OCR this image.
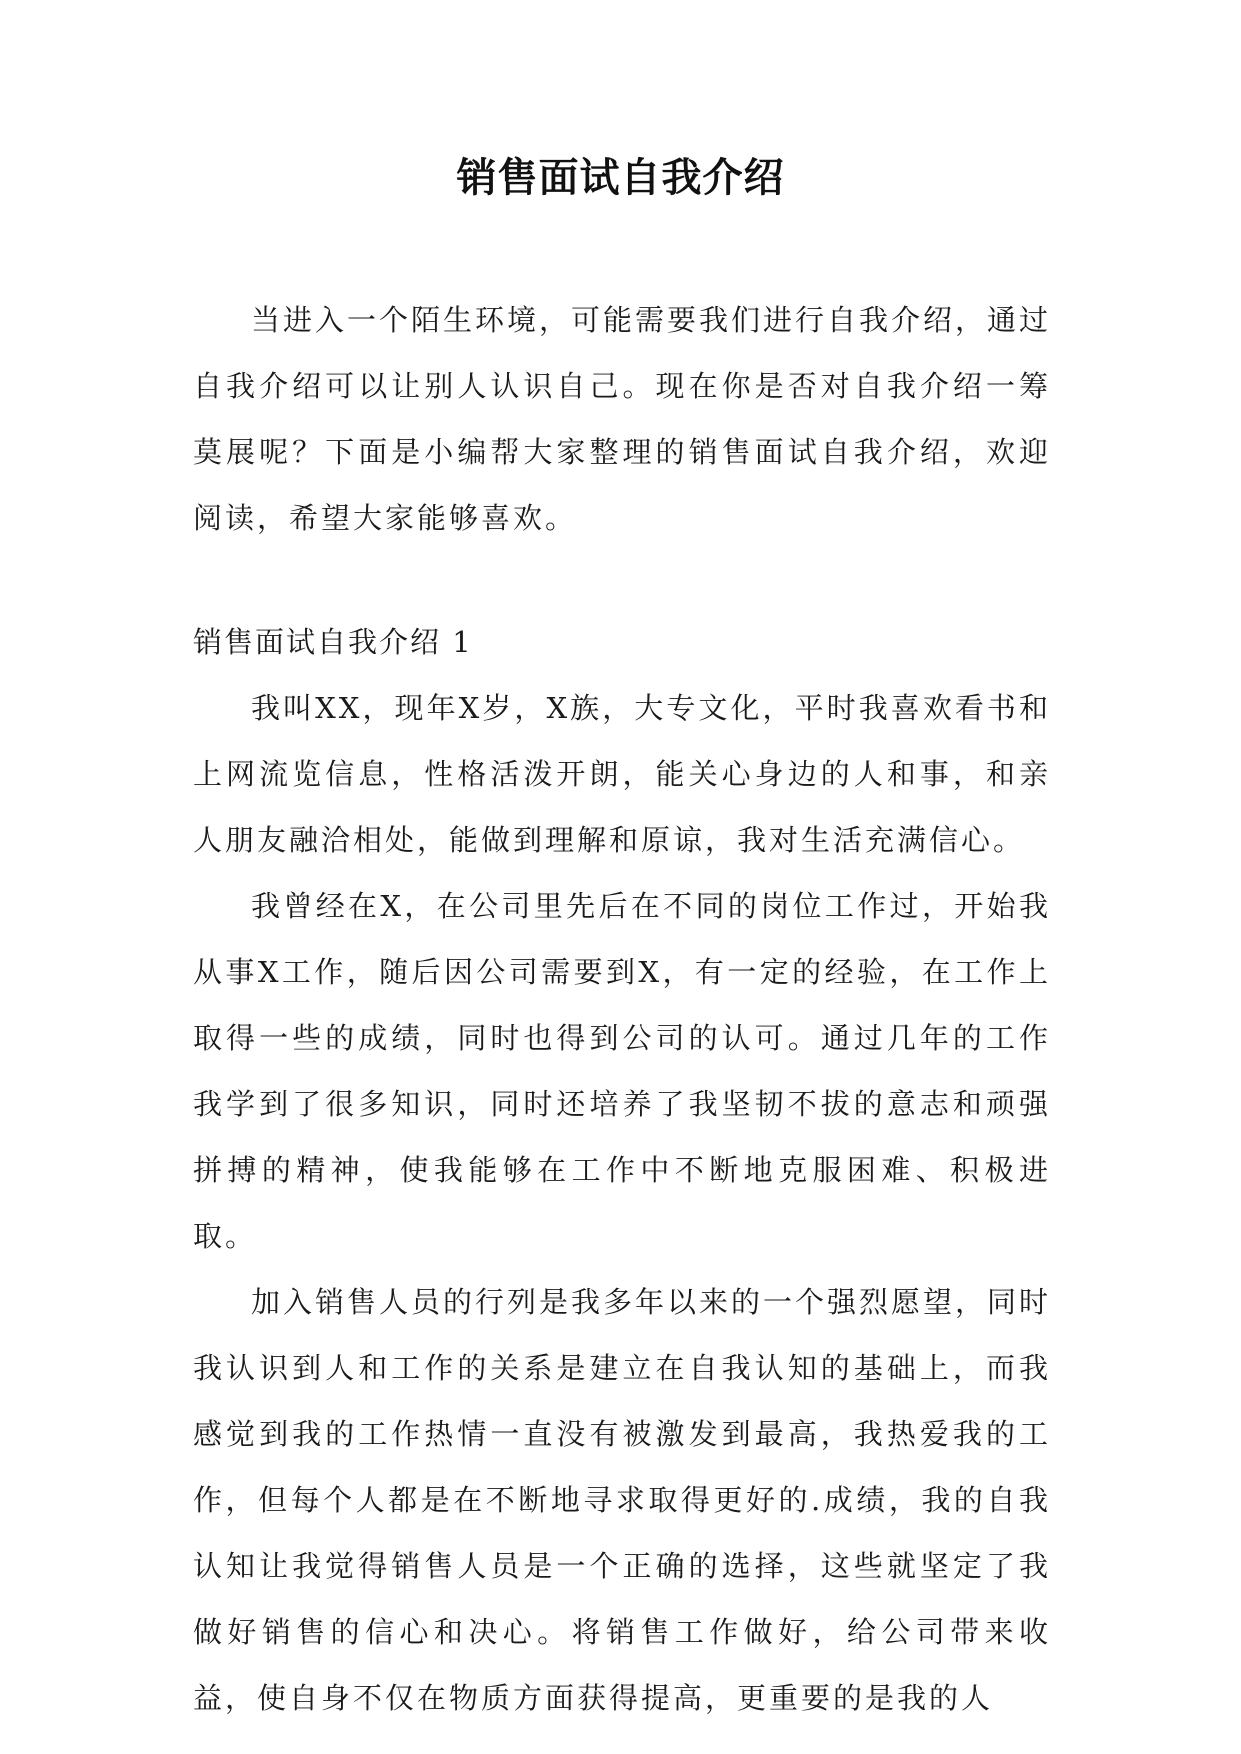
销售面试自我介绍

当进入一个陌生环境，可能需要我们进行自我介绍，通过自我介绍可以让别人认识自己。现在你是否对自我介绍一筹莫展呢？下面是小编帮大家整理的销售面试自我介绍，欢迎阅读，希望大家能够喜欢。

销售面试自我介绍 1

我叫XX，现年X岁，X族，大专文化，平时我喜欢看书和上网流览信息，性格活泼开朗，能关心身边的人和事，和亲人朋友融洽相处，能做到理解和原谅，我对生活充满信心。

我曾经在X，在公司里先后在不同的岗位工作过，开始我从事X工作，随后因公司需要到X，有一定的经验，在工作上取得一些的成绩，同时也得到公司的认可。通过几年的工作我学到了很多知识，同时还培养了我坚韧不拔的意志和顽强拼搏的精神，使我能够在工作中不断地克服困难、积极进取。

加入销售人员的行列是我多年以来的一个强烈愿望，同时我认识到人和工作的关系是建立在自我认知的基础上，而我感觉到我的工作热情一直没有被激发到最高，我热爱我的工作，但每个人都是在不断地寻求取得更好的.成绩，我的自我认知让我觉得销售人员是一个正确的选择，这些就坚定了我做好销售的信心和决心。将销售工作做好，给公司带来收益，使自身不仅在物质方面获得提高，更重要的是我的人
